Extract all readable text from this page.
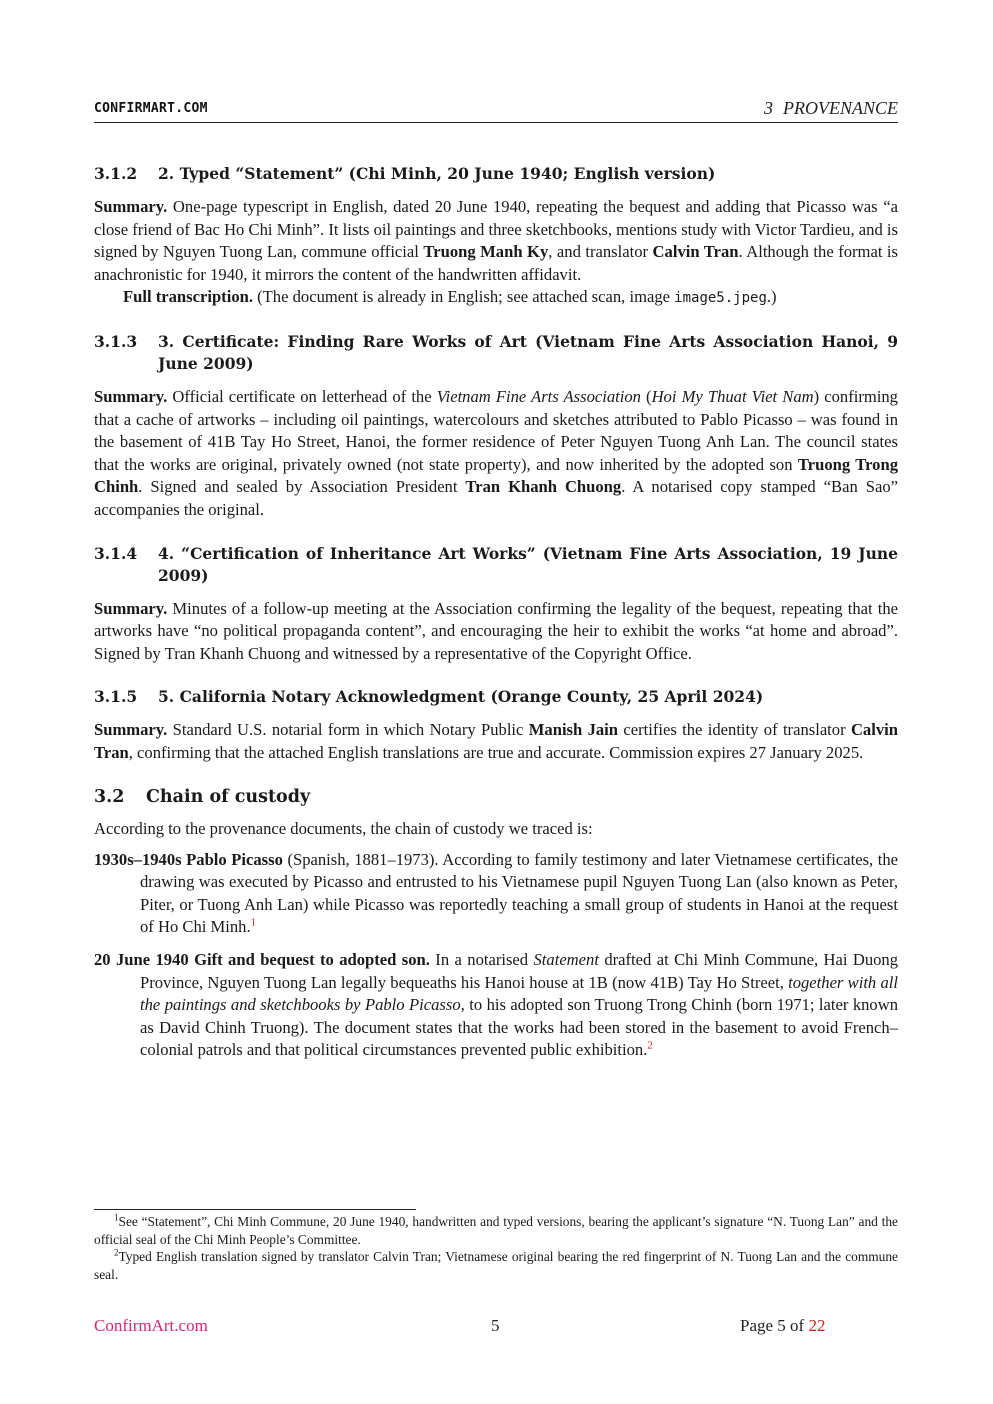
CONFIRMART.COM	3 PROVENANCE
3.1.2	2. Typed “Statement” (Chi Minh, 20 June 1940; English version)

Summary. One-page typescript in English, dated 20 June 1940, repeating the bequest and adding that Picasso was “a close friend of Bac Ho Chi Minh”. It lists oil paintings and three sketchbooks, mentions study with Victor Tardieu, and is signed by Nguyen Tuong Lan, commune official Truong Manh Ky, and translator Calvin Tran. Although the format is anachronistic for 1940, it mirrors the content of the handwritten affidavit.

Full transcription. (The document is already in English; see attached scan, image image5.jpeg.)

3.1.3	3. Certificate: Finding Rare Works of Art (Vietnam Fine Arts Association Hanoi, 9 June 2009)

Summary. Official certificate on letterhead of the Vietnam Fine Arts Association (Hoi My Thuat Viet Nam) confirming that a cache of artworks – including oil paintings, watercolours and sketches attributed to Pablo Picasso – was found in the basement of 41B Tay Ho Street, Hanoi, the former residence of Peter Nguyen Tuong Anh Lan. The council states that the works are original, privately owned (not state property), and now inherited by the adopted son Truong Trong Chinh. Signed and sealed by Association President Tran Khanh Chuong. A notarised copy stamped “Ban Sao” accompanies the original.

3.1.4	4. “Certification of Inheritance Art Works” (Vietnam Fine Arts Association, 19 June 2009)

Summary. Minutes of a follow-up meeting at the Association confirming the legality of the bequest, repeating that the artworks have “no political propaganda content”, and encouraging the heir to exhibit the works “at home and abroad”. Signed by Tran Khanh Chuong and witnessed by a representative of the Copyright Office.

3.1.5	5. California Notary Acknowledgment (Orange County, 25 April 2024)

Summary. Standard U.S. notarial form in which Notary Public Manish Jain certifies the identity of translator Calvin Tran, confirming that the attached English translations are true and accurate. Commission expires 27 January 2025.

3.2	Chain of custody

According to the provenance documents, the chain of custody we traced is:

1930s–1940s Pablo Picasso (Spanish, 1881–1973). According to family testimony and later Vietnamese certificates, the drawing was executed by Picasso and entrusted to his Vietnamese pupil Nguyen Tuong Lan (also known as Peter, Piter, or Tuong Anh Lan) while Picasso was reportedly teaching a small group of students in Hanoi at the request of Ho Chi Minh.$^1$

20 June 1940 Gift and bequest to adopted son. In a notarised Statement drafted at Chi Minh Commune, Hai Duong Province, Nguyen Tuong Lan legally bequeaths his Hanoi house at 1B (now 41B) Tay Ho Street, together with all the paintings and sketchbooks by Pablo Picasso, to his adopted son Truong Trong Chinh (born 1971; later known as David Chinh Truong). The document states that the works had been stored in the basement to avoid French–colonial patrols and that political circumstances prevented public exhibition.$^2$

$^1$See “Statement”, Chi Minh Commune, 20 June 1940, handwritten and typed versions, bearing the applicant’s signature “N. Tuong Lan” and the official seal of the Chi Minh People’s Committee.
$^2$Typed English translation signed by translator Calvin Tran; Vietnamese original bearing the red fingerprint of N. Tuong Lan and the commune seal.
ConfirmArt.com	5	Page 5 of 22
